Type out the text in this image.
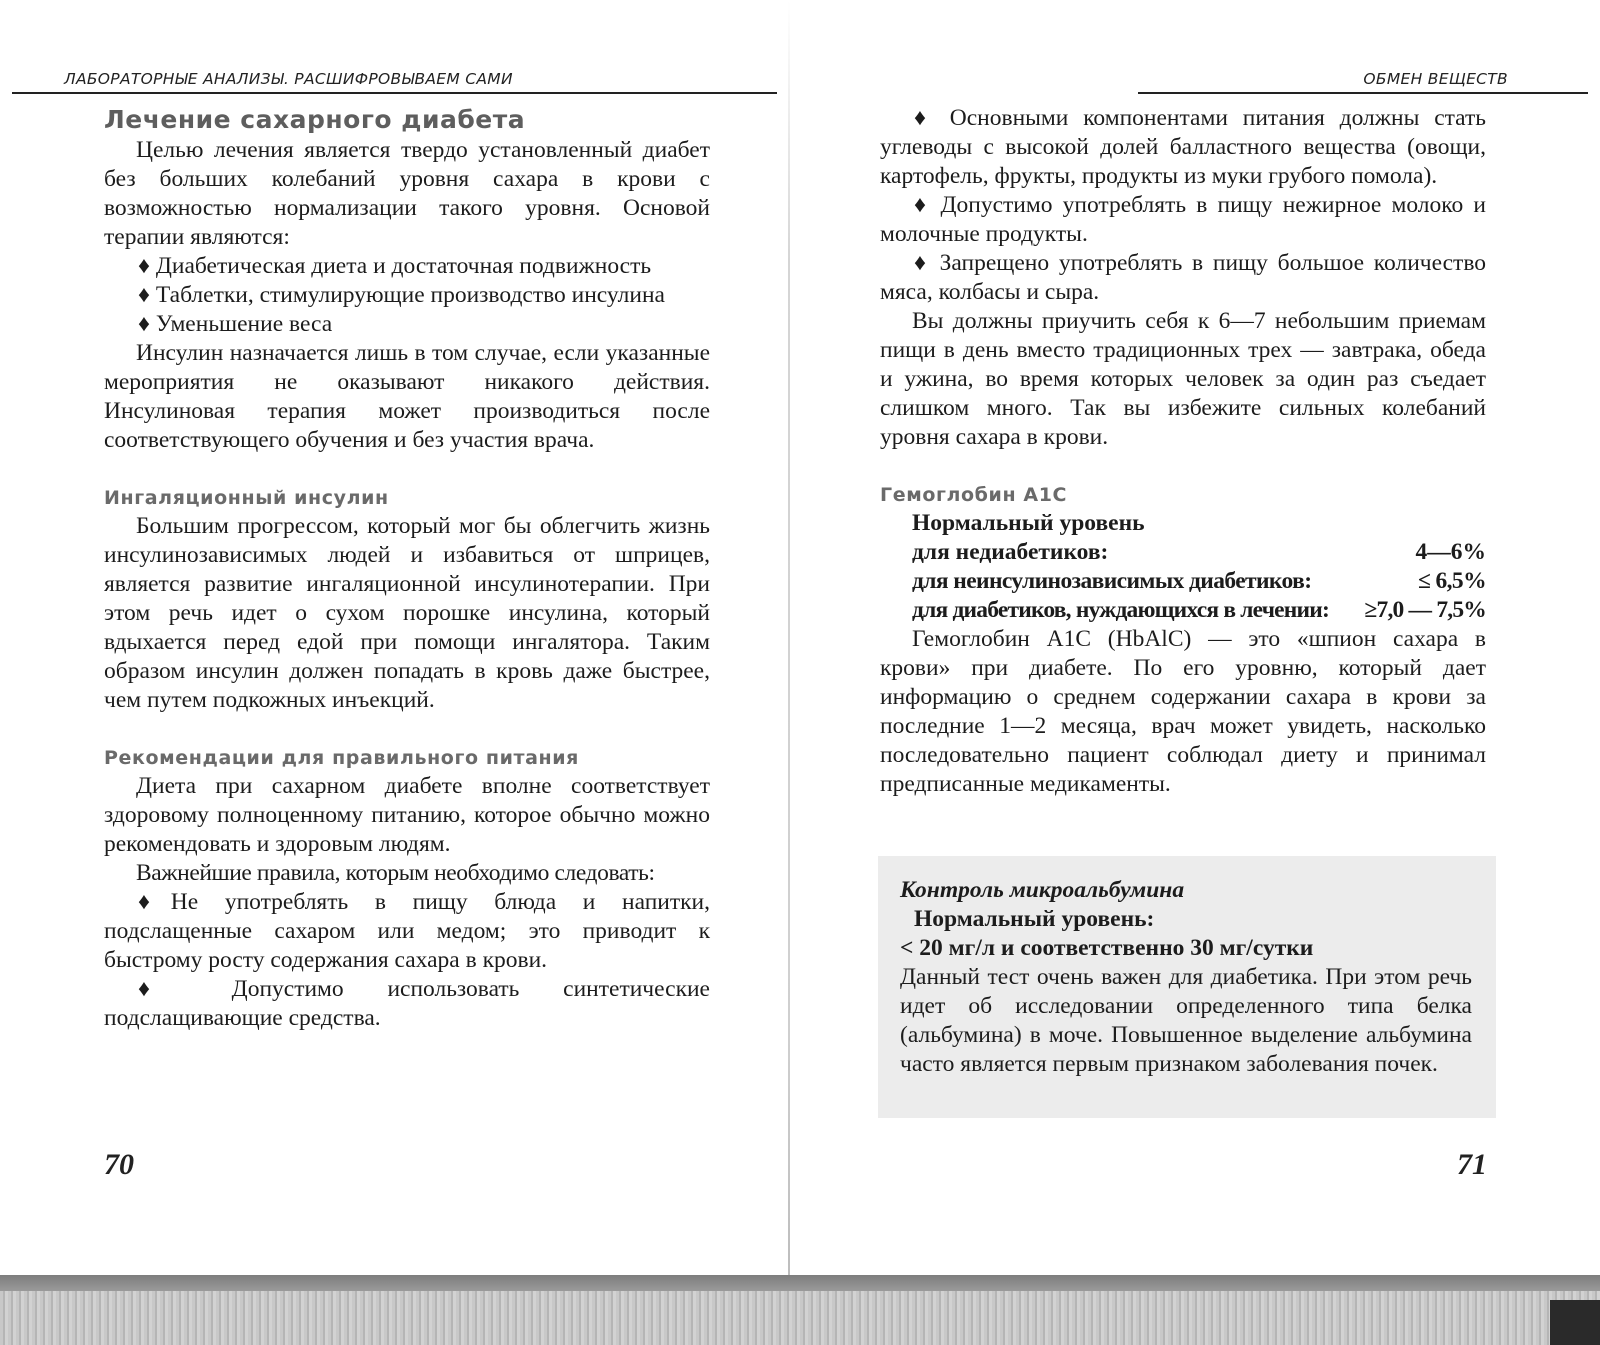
ЛАБОРАТОРНЫЕ АНАЛИЗЫ. РАСШИФРОВЫВАЕМ САМИ
Лечение сахарного диабета

Целью лечения является твердо установленный диабет без больших колебаний уровня сахара в крови с возможностью нормализации такого уровня. Основой терапии являются:

♦ Диабетическая диета и достаточная подвижность

♦ Таблетки, стимулирующие производство инсулина

♦ Уменьшение веса

Инсулин назначается лишь в том случае, если указанные мероприятия не оказывают никакого действия. Инсулиновая терапия может производиться после соответствующего обучения и без участия врача.

Ингаляционный инсулин

Большим прогрессом, который мог бы облегчить жизнь инсулинозависимых людей и избавиться от шприцев, является развитие ингаляционной инсулинотерапии. При этом речь идет о сухом порошке инсулина, который вдыхается перед едой при помощи ингалятора. Таким образом инсулин должен попадать в кровь даже быстрее, чем путем подкожных инъекций.

Рекомендации для правильного питания

Диета при сахарном диабете вполне соответствует здоровому полноценному питанию, которое обычно можно рекомендовать и здоровым людям.

Важнейшие правила, которым необходимо следовать:

♦Не употреблять в пищу блюда и напитки, подслащенные сахаром или медом; это приводит к быстрому росту содержания сахара в крови.

♦ Допустимо использовать синтетические подслащивающие средства.

70
ОБМЕН ВЕЩЕСТВ

♦ Основными компонентами питания должны стать углеводы с высокой долей балластного вещества (овощи, картофель, фрукты, продукты из муки грубого помола).

♦ Допустимо употреблять в пищу нежирное молоко и молочные продукты.

♦ Запрещено употреблять в пищу большое количество мяса, колбасы и сыра.

Вы должны приучить себя к 6—7 небольшим приемам пищи в день вместо традиционных трех — завтрака, обеда и ужина, во время которых человек за один раз съедает слишком много. Так вы избежите сильных колебаний уровня сахара в крови.

Гемоглобин А1С
Нормальный уровень
для недиабетиков:	4—6%
для неинсулинозависимых диабетиков:	≤ 6,5%
для диабетиков, нуждающихся в лечении: ≥7,0 — 7,5%

Гемоглобин А1С (HbAlC) — это «шпион сахара в крови» при диабете. По его уровню, который дает информацию о среднем содержании сахара в крови за последние 1—2 месяца, врач может увидеть, насколько последовательно пациент соблюдал диету и принимал предписанные медикаменты.

Контроль микроальбумина
Нормальный уровень:
< 20 мг/л и соответственно 30 мг/сутки

Данный тест очень важен для диабетика. При этом речь идет об исследовании определенного типа белка (альбумина) в моче. Повышенное выделение альбумина часто является первым признаком заболевания почек.

71
